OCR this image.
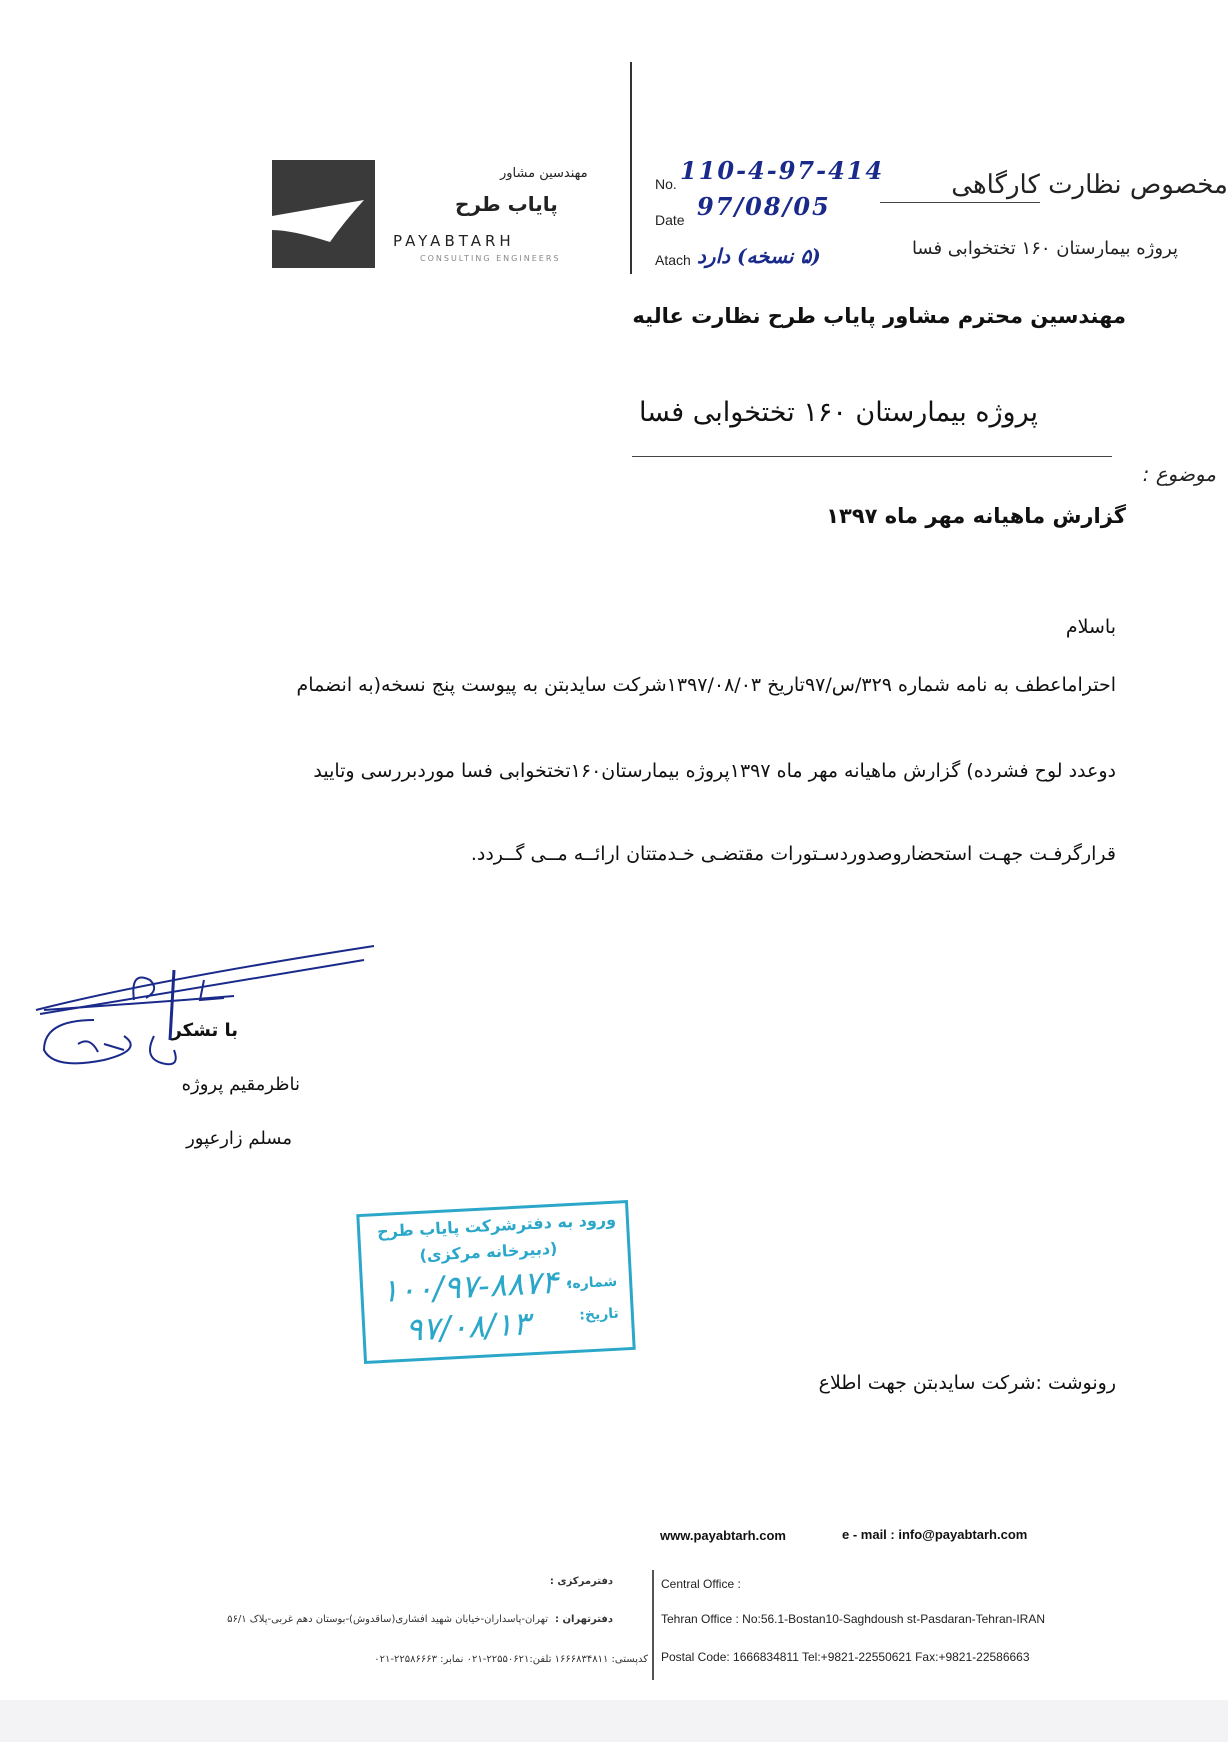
مهندسین مشاور
پایاب طرح
PAYABTARH
CONSULTING ENGINEERS
No. 110-4-97-414
Date 97/08/05
Atach (۵ نسخه) دارد
مخصوص نظارت کارگاهی
پروژه بیمارستان ۱۶۰ تختخوابی فسا
مهندسین محترم مشاور پایاب طرح نظارت عالیه
پروژه بیمارستان ۱۶۰ تختخوابی فسا
موضوع :
گزارش ماهیانه مهر ماه ۱۳۹۷
باسلام
احتراماعطف به نامه شماره ۳۲۹/س/۹۷تاریخ ۱۳۹۷/۰۸/۰۳شرکت سایدبتن به پیوست پنج نسخه(به انضمام
دوعدد لوح فشرده) گزارش ماهیانه مهر ماه ۱۳۹۷پروژه بیمارستان۱۶۰تختخوابی فسا موردبررسی وتایید
قرارگرفـت جهـت استحضاروصدوردسـتورات مقتضـی خـدمتتان ارائــه مــی گــردد.
با تشکر
ناظرمقیم پروژه
مسلم زارعپور
ورود به دفترشرکت پایاب طرح
(دبیرخانه مرکزی)
شماره:
تاریخ:
۱۰۰/۹۷-۸۸۷۴۰
۹۷/۰۸/۱۳
رونوشت :شرکت سایدبتن جهت اطلاع
www.payabtarh.com	e - mail : info@payabtarh.com
دفترمرکزی :
دفترتهران :
تهران-پاسداران-خیابان شهید افشاری(ساقدوش)-بوستان دهم غربی-پلاک ۵۶/۱
کدپستی: ۱۶۶۶۸۳۴۸۱۱ تلفن:۲۲۵۵۰۶۲۱-۰۲۱ نمابر: ۲۲۵۸۶۶۶۳-۰۲۱
Central Office :
Tehran Office : No:56.1-Bostan10-Saghdoush st-Pasdaran-Tehran-IRAN
Postal Code: 1666834811 Tel:+9821-22550621 Fax:+9821-22586663
